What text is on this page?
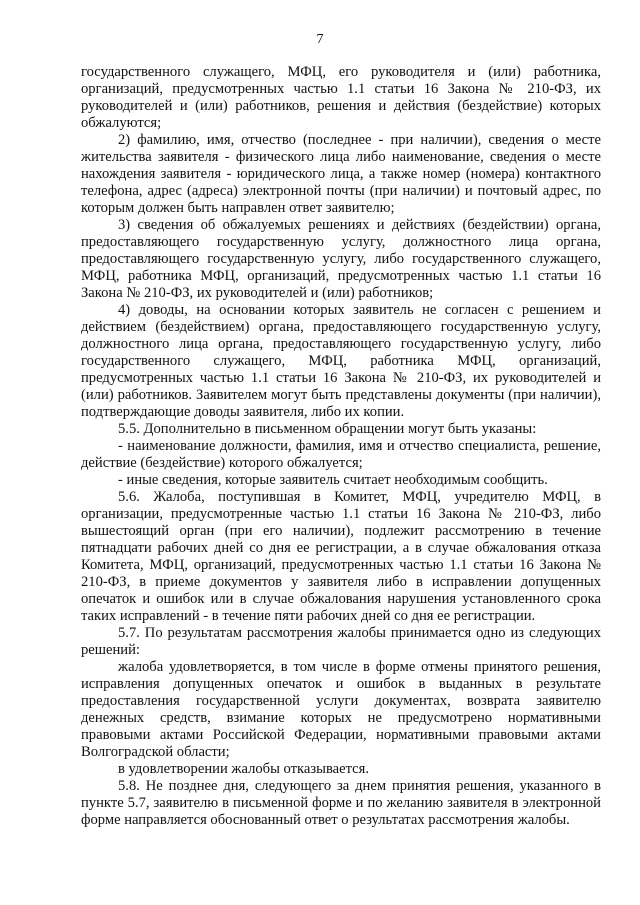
7

государственного служащего, МФЦ, его руководителя и (или) работника, организаций, предусмотренных частью 1.1 статьи 16 Закона № 210-ФЗ, их руководителей и (или) работников, решения и действия (бездействие) которых обжалуются;

2) фамилию, имя, отчество (последнее - при наличии), сведения о месте жительства заявителя - физического лица либо наименование, сведения о месте нахождения заявителя - юридического лица, а также номер (номера) контактного телефона, адрес (адреса) электронной почты (при наличии) и почтовый адрес, по которым должен быть направлен ответ заявителю;

3) сведения об обжалуемых решениях и действиях (бездействии) органа, предоставляющего государственную услугу, должностного лица органа, предоставляющего государственную услугу, либо государственного служащего, МФЦ, работника МФЦ, организаций, предусмотренных частью 1.1 статьи 16 Закона № 210-ФЗ, их руководителей и (или) работников;

4) доводы, на основании которых заявитель не согласен с решением и действием (бездействием) органа, предоставляющего государственную услугу, должностного лица органа, предоставляющего государственную услугу, либо государственного служащего, МФЦ, работника МФЦ, организаций, предусмотренных частью 1.1 статьи 16 Закона № 210-ФЗ, их руководителей и (или) работников. Заявителем могут быть представлены документы (при наличии), подтверждающие доводы заявителя, либо их копии.

5.5. Дополнительно в письменном обращении могут быть указаны:

- наименование должности, фамилия, имя и отчество специалиста, решение, действие (бездействие) которого обжалуется;

- иные сведения, которые заявитель считает необходимым сообщить.

5.6. Жалоба, поступившая в Комитет, МФЦ, учредителю МФЦ, в организации, предусмотренные частью 1.1 статьи 16 Закона № 210-ФЗ, либо вышестоящий орган (при его наличии), подлежит рассмотрению в течение пятнадцати рабочих дней со дня ее регистрации, а в случае обжалования отказа Комитета, МФЦ, организаций, предусмотренных частью 1.1 статьи 16 Закона № 210-ФЗ, в приеме документов у заявителя либо в исправлении допущенных опечаток и ошибок или в случае обжалования нарушения установленного срока таких исправлений - в течение пяти рабочих дней со дня ее регистрации.

5.7. По результатам рассмотрения жалобы принимается одно из следующих решений:

жалоба удовлетворяется, в том числе в форме отмены принятого решения, исправления допущенных опечаток и ошибок в выданных в результате предоставления государственной услуги документах, возврата заявителю денежных средств, взимание которых не предусмотрено нормативными правовыми актами Российской Федерации, нормативными правовыми актами Волгоградской области;

в удовлетворении жалобы отказывается.

5.8. Не позднее дня, следующего за днем принятия решения, указанного в пункте 5.7, заявителю в письменной форме и по желанию заявителя в электронной форме направляется обоснованный ответ о результатах рассмотрения жалобы.
